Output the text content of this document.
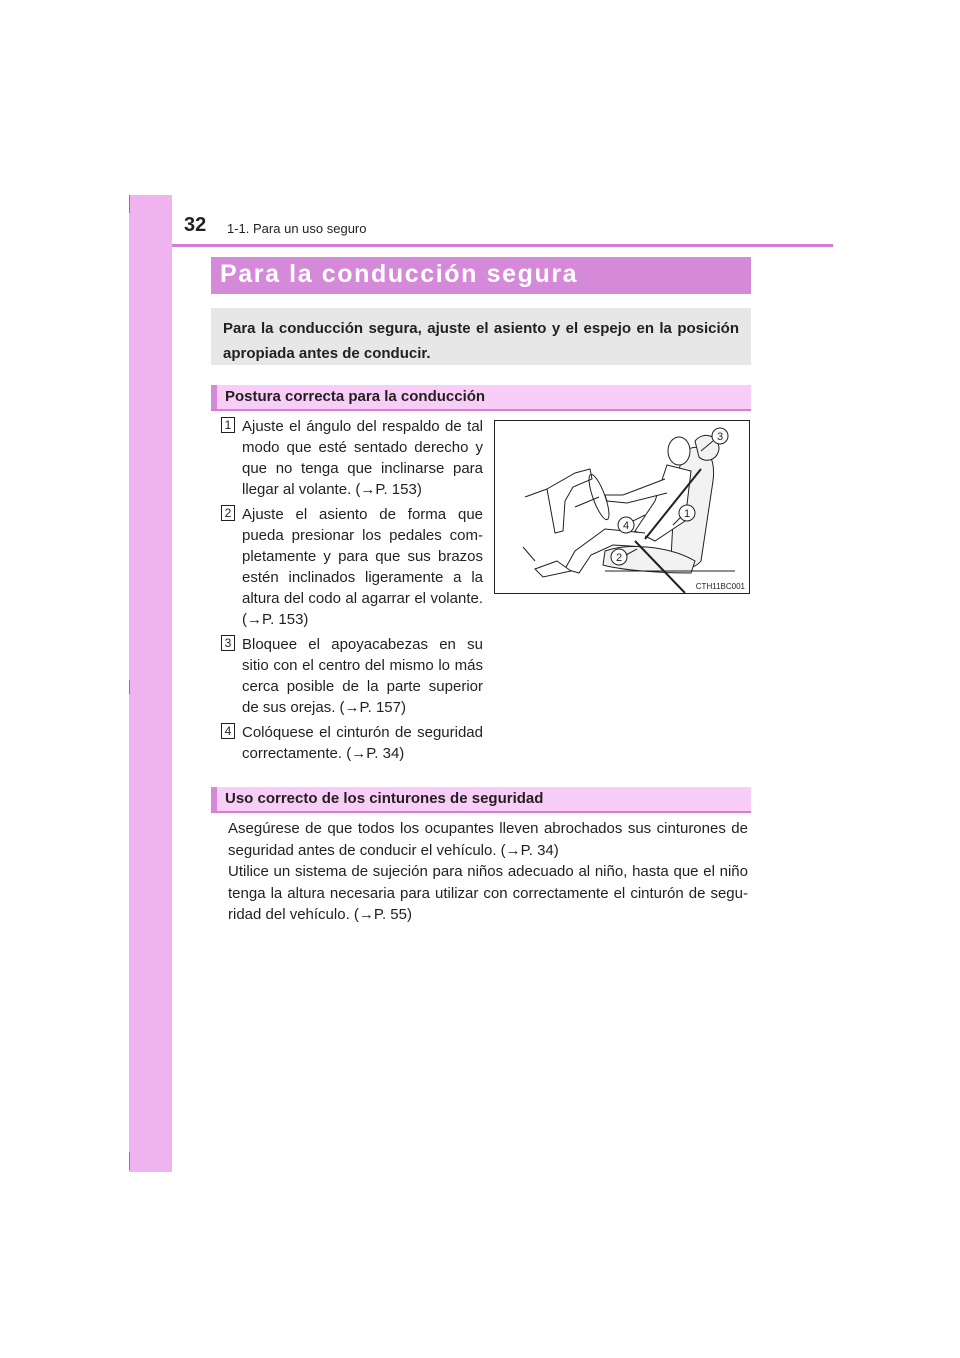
32 1-1. Para un uso seguro
Para la conducción segura
Para la conducción segura, ajuste el asiento y el espejo en la posición apropiada antes de conducir.
Postura correcta para la conducción
1 Ajuste el ángulo del respaldo de tal modo que esté sentado derecho y que no tenga que inclinarse para llegar al volante. (→P. 153)
2 Ajuste el asiento de forma que pueda presionar los pedales completamente y para que sus brazos estén inclinados ligeramente a la altura del codo al agarrar el volante. (→P. 153)
3 Bloquee el apoyacabezas en su sitio con el centro del mismo lo más cerca posible de la parte superior de sus orejas. (→P. 157)
4 Colóquese el cinturón de seguridad correctamente. (→P. 34)
3
1
4
2
CTH11BC001
Uso correcto de los cinturones de seguridad
Asegúrese de que todos los ocupantes lleven abrochados sus cinturones de seguridad antes de conducir el vehículo. (→P. 34)
Utilice un sistema de sujeción para niños adecuado al niño, hasta que el niño tenga la altura necesaria para utilizar con correctamente el cinturón de seguridad del vehículo. (→P. 55)
